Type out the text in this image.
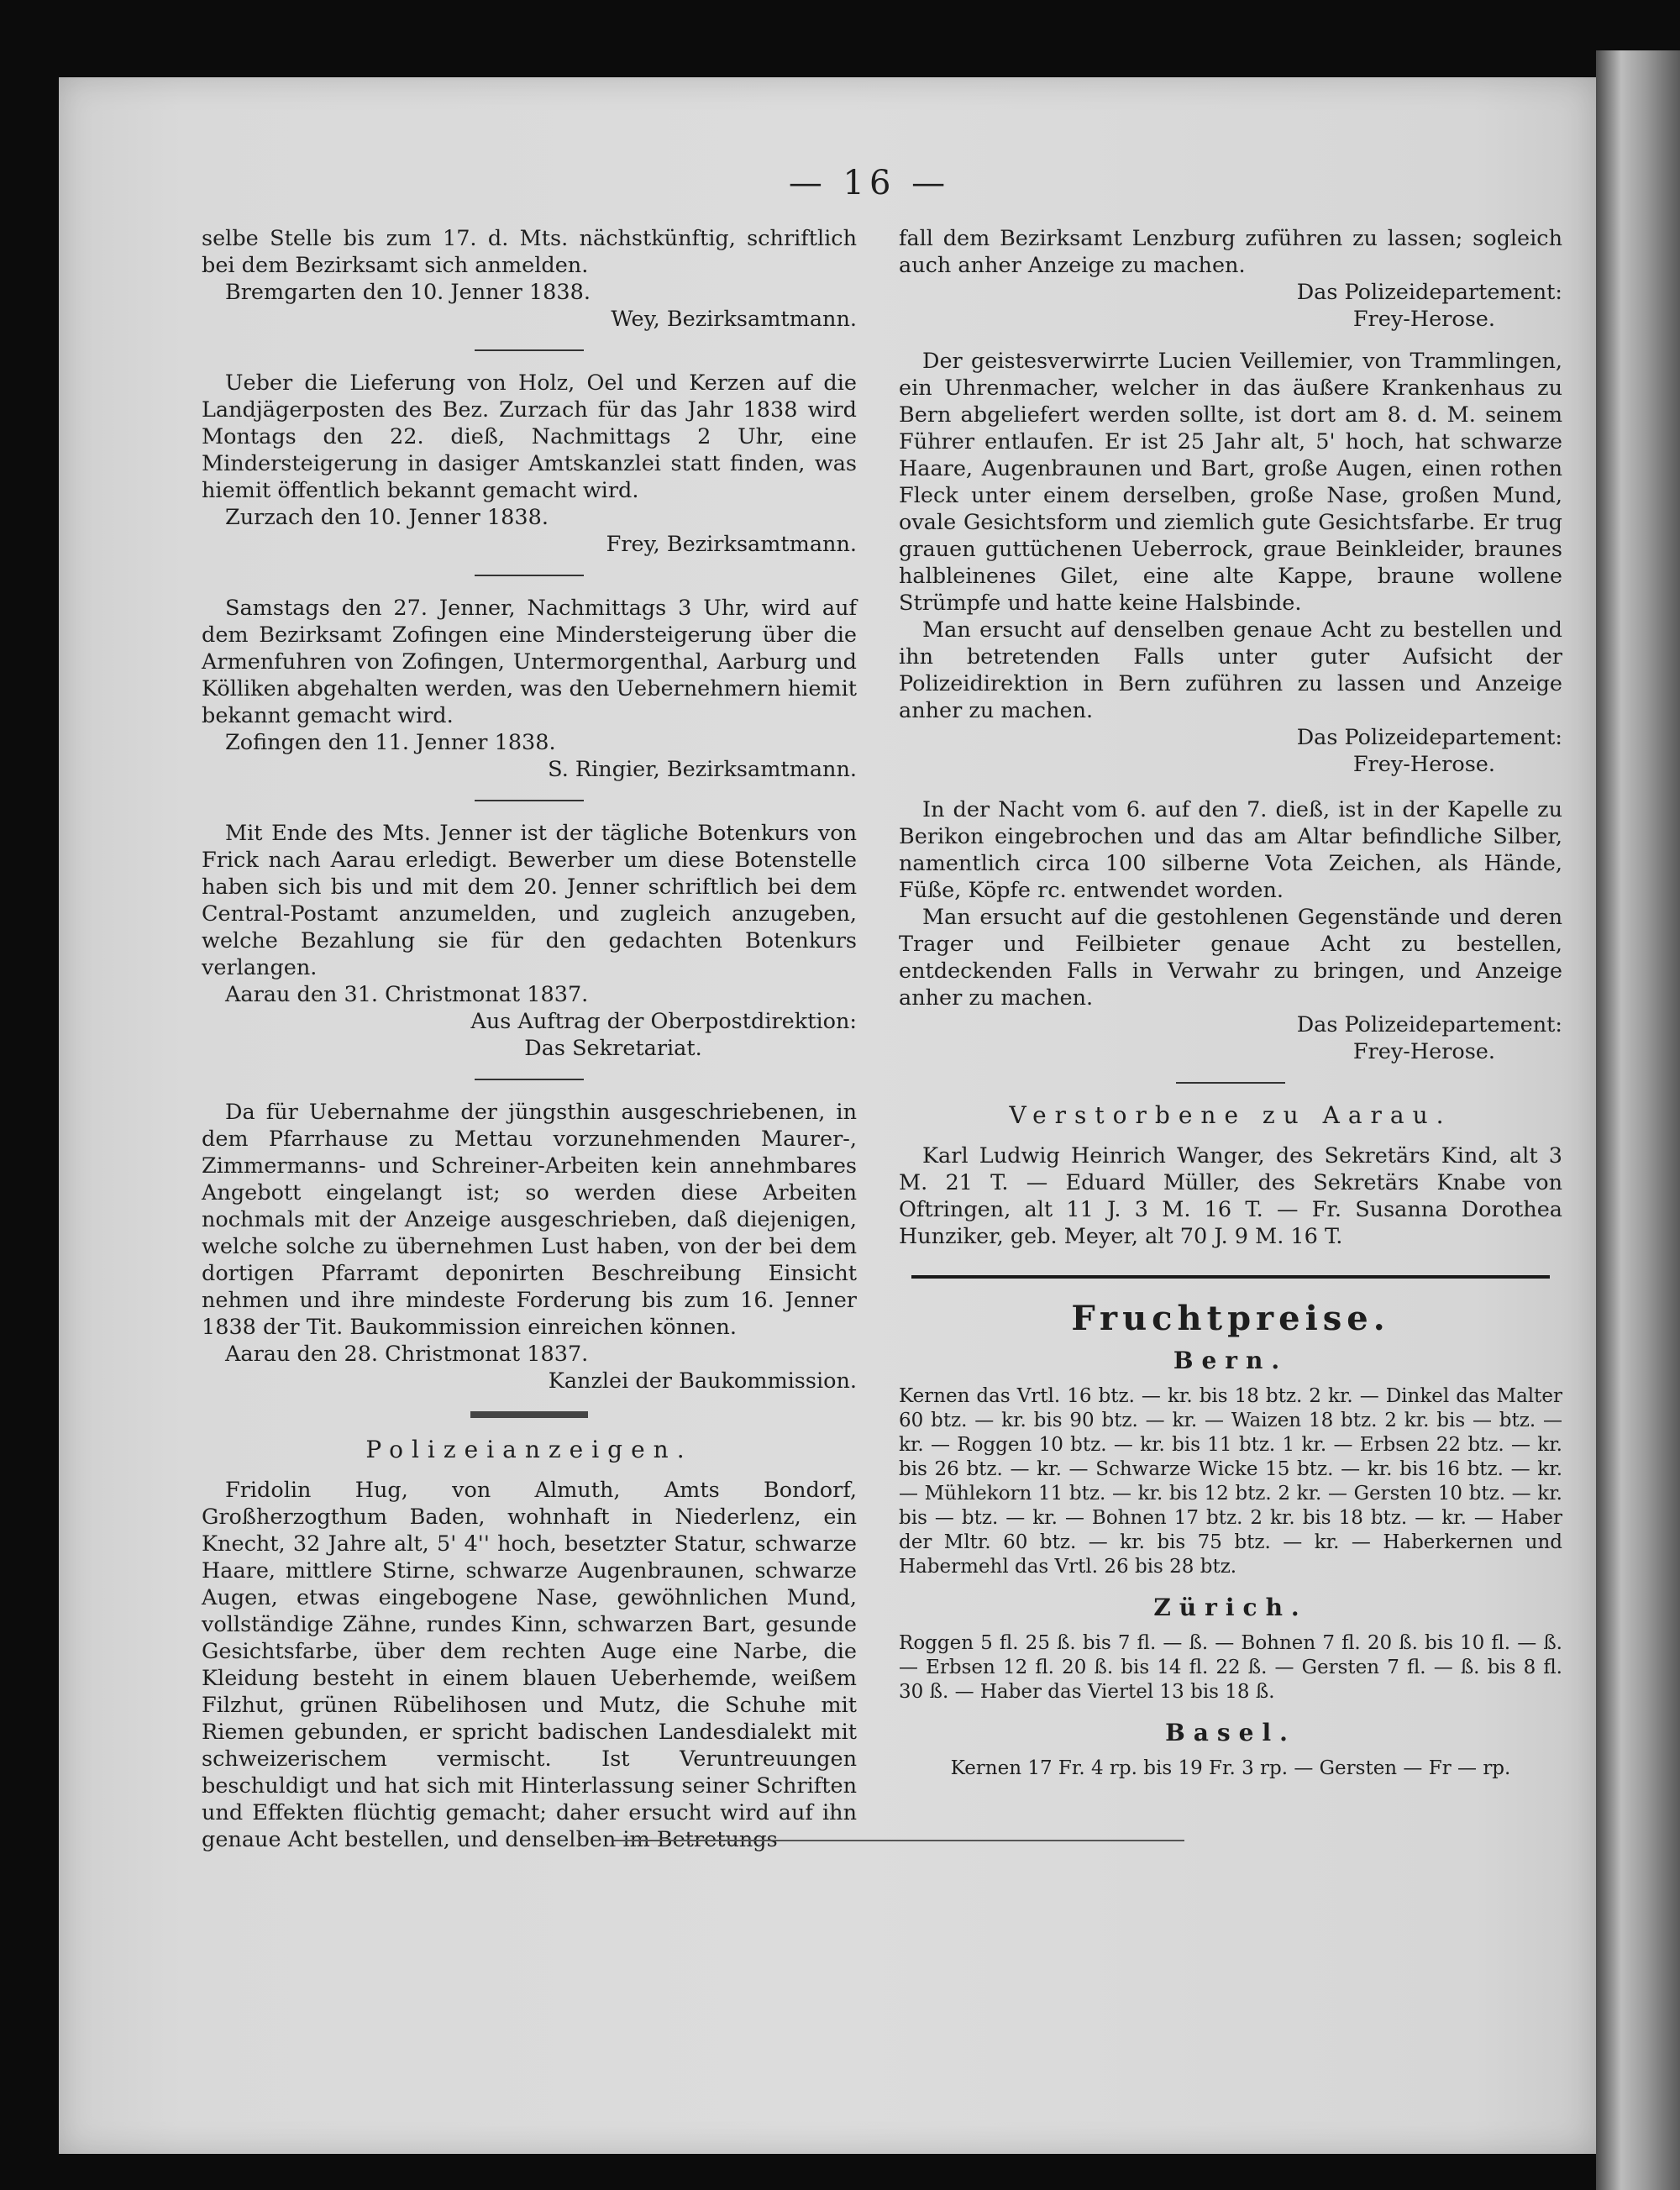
— 16 —

selbe Stelle bis zum 17. d. Mts. nächstkünftig, schriftlich bei dem Bezirksamt sich anmelden.

Bremgarten den 10. Jenner 1838.

Wey, Bezirksamtmann.

Ueber die Lieferung von Holz, Oel und Kerzen auf die Landjägerposten des Bez. Zurzach für das Jahr 1838 wird Montags den 22. dieß, Nachmittags 2 Uhr, eine Mindersteigerung in dasiger Amtskanzlei statt finden, was hiemit öffentlich bekannt gemacht wird.

Zurzach den 10. Jenner 1838.

Frey, Bezirksamtmann.

Samstags den 27. Jenner, Nachmittags 3 Uhr, wird auf dem Bezirksamt Zofingen eine Mindersteigerung über die Armenfuhren von Zofingen, Untermorgenthal, Aarburg und Kölliken abgehalten werden, was den Uebernehmern hiemit bekannt gemacht wird.

Zofingen den 11. Jenner 1838.

S. Ringier, Bezirksamtmann.

Mit Ende des Mts. Jenner ist der tägliche Botenkurs von Frick nach Aarau erledigt. Bewerber um diese Botenstelle haben sich bis und mit dem 20. Jenner schriftlich bei dem Central-Postamt anzumelden, und zugleich anzugeben, welche Bezahlung sie für den gedachten Botenkurs verlangen.

Aarau den 31. Christmonat 1837.

Aus Auftrag der Oberpostdirektion:

Das Sekretariat.

Da für Uebernahme der jüngsthin ausgeschriebenen, in dem Pfarrhause zu Mettau vorzunehmenden Maurer-, Zimmermanns- und Schreiner-Arbeiten kein annehmbares Angebott eingelangt ist; so werden diese Arbeiten nochmals mit der Anzeige ausgeschrieben, daß diejenigen, welche solche zu übernehmen Lust haben, von der bei dem dortigen Pfarramt deponirten Beschreibung Einsicht nehmen und ihre mindeste Forderung bis zum 16. Jenner 1838 der Tit. Baukommission einreichen können.

Aarau den 28. Christmonat 1837.

Kanzlei der Baukommission.

Polizeianzeigen.

Fridolin Hug, von Almuth, Amts Bondorf, Großherzogthum Baden, wohnhaft in Niederlenz, ein Knecht, 32 Jahre alt, 5' 4'' hoch, besetzter Statur, schwarze Haare, mittlere Stirne, schwarze Augenbraunen, schwarze Augen, etwas eingebogene Nase, gewöhnlichen Mund, vollständige Zähne, rundes Kinn, schwarzen Bart, gesunde Gesichtsfarbe, über dem rechten Auge eine Narbe, die Kleidung besteht in einem blauen Ueberhemde, weißem Filzhut, grünen Rübelihosen und Mutz, die Schuhe mit Riemen gebunden, er spricht badischen Landesdialekt mit schweizerischem vermischt. Ist Veruntreuungen beschuldigt und hat sich mit Hinterlassung seiner Schriften und Effekten flüchtig gemacht; daher ersucht wird auf ihn genaue Acht bestellen, und denselben im Betretungs-

fall dem Bezirksamt Lenzburg zuführen zu lassen; sogleich auch anher Anzeige zu machen.

Das Polizeidepartement:

Frey-Herose.

Der geistesverwirrte Lucien Veillemier, von Trammlingen, ein Uhrenmacher, welcher in das äußere Krankenhaus zu Bern abgeliefert werden sollte, ist dort am 8. d. M. seinem Führer entlaufen. Er ist 25 Jahr alt, 5' hoch, hat schwarze Haare, Augenbraunen und Bart, große Augen, einen rothen Fleck unter einem derselben, große Nase, großen Mund, ovale Gesichtsform und ziemlich gute Gesichtsfarbe. Er trug grauen guttüchenen Ueberrock, graue Beinkleider, braunes halbleinenes Gilet, eine alte Kappe, braune wollene Strümpfe und hatte keine Halsbinde.

Man ersucht auf denselben genaue Acht zu bestellen und ihn betretenden Falls unter guter Aufsicht der Polizeidirektion in Bern zuführen zu lassen und Anzeige anher zu machen.

Das Polizeidepartement:

Frey-Herose.

In der Nacht vom 6. auf den 7. dieß, ist in der Kapelle zu Berikon eingebrochen und das am Altar befindliche Silber, namentlich circa 100 silberne Vota Zeichen, als Hände, Füße, Köpfe rc. entwendet worden.

Man ersucht auf die gestohlenen Gegenstände und deren Trager und Feilbieter genaue Acht zu bestellen, entdeckenden Falls in Verwahr zu bringen, und Anzeige anher zu machen.

Das Polizeidepartement:

Frey-Herose.

Verstorbene zu Aarau.

Karl Ludwig Heinrich Wanger, des Sekretärs Kind, alt 3 M. 21 T. — Eduard Müller, des Sekretärs Knabe von Oftringen, alt 11 J. 3 M. 16 T. — Fr. Susanna Dorothea Hunziker, geb. Meyer, alt 70 J. 9 M. 16 T.

Fruchtpreise.
Bern.

Kernen das Vrtl. 16 btz. — kr. bis 18 btz. 2 kr. — Dinkel das Malter 60 btz. — kr. bis 90 btz. — kr. — Waizen 18 btz. 2 kr. bis — btz. — kr. — Roggen 10 btz. — kr. bis 11 btz. 1 kr. — Erbsen 22 btz. — kr. bis 26 btz. — kr. — Schwarze Wicke 15 btz. — kr. bis 16 btz. — kr. — Mühlekorn 11 btz. — kr. bis 12 btz. 2 kr. — Gersten 10 btz. — kr. bis — btz. — kr. — Bohnen 17 btz. 2 kr. bis 18 btz. — kr. — Haber der Mltr. 60 btz. — kr. bis 75 btz. — kr. — Haberkernen und Habermehl das Vrtl. 26 bis 28 btz.

Zürich.

Roggen 5 fl. 25 ß. bis 7 fl. — ß. — Bohnen 7 fl. 20 ß. bis 10 fl. — ß. — Erbsen 12 fl. 20 ß. bis 14 fl. 22 ß. — Gersten 7 fl. — ß. bis 8 fl. 30 ß. — Haber das Viertel 13 bis 18 ß.

Basel.

Kernen 17 Fr. 4 rp. bis 19 Fr. 3 rp. — Gersten — Fr — rp.
